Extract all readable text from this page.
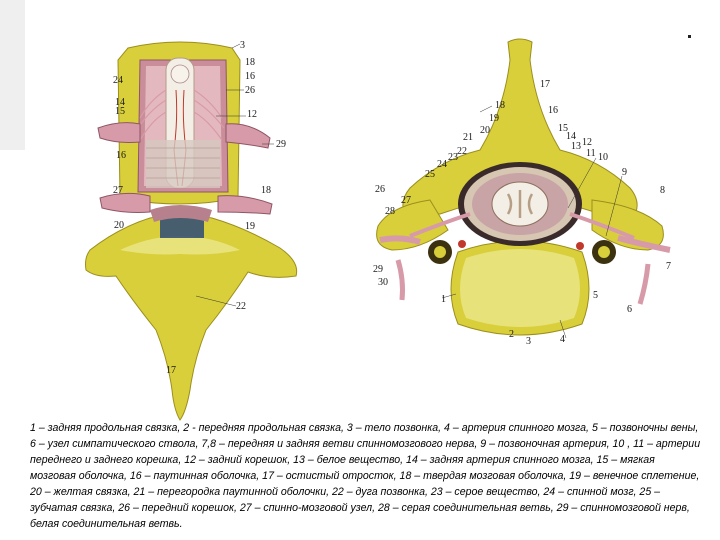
3
18
16
24
26
14
15	12
29
16
27	18
20	19
22
17
17
18	16
19
20	15
14
21
13 12
22	11
23	10
24
25	9
26	8
27
28
29	7
30
1	5
6
2
3	4

1 – задняя продольная связка, 2 - передняя продольная связка, 3 – тело позвонка, 4 – артерия спинного мозга, 5 – позвоночны вены, 6 – узел симпатического ствола, 7,8 – передняя и задняя ветви спинномозгового нерва, 9 – позвоночная артерия, 10 , 11 – артерии переднего и заднего корешка, 12 – задний корешок, 13 – белое вещество, 14 – задняя артерия спинного мозга, 15 – мягкая мозговая оболочка, 16 – паутинная оболочка, 17 – остистый отросток, 18 – твердая мозговая оболочка, 19 – венечное сплетение, 20 – желтая связка, 21 – перегородка паутинной оболочки, 22 – дуга позвонка, 23 – серое вещество, 24 – спинной мозг, 25 – зубчатая связка, 26 – передний корешок, 27 – спинно-мозговой узел, 28 – серая соединительная ветвь, 29 – спинномозговой нерв, белая соединительная ветвь.
